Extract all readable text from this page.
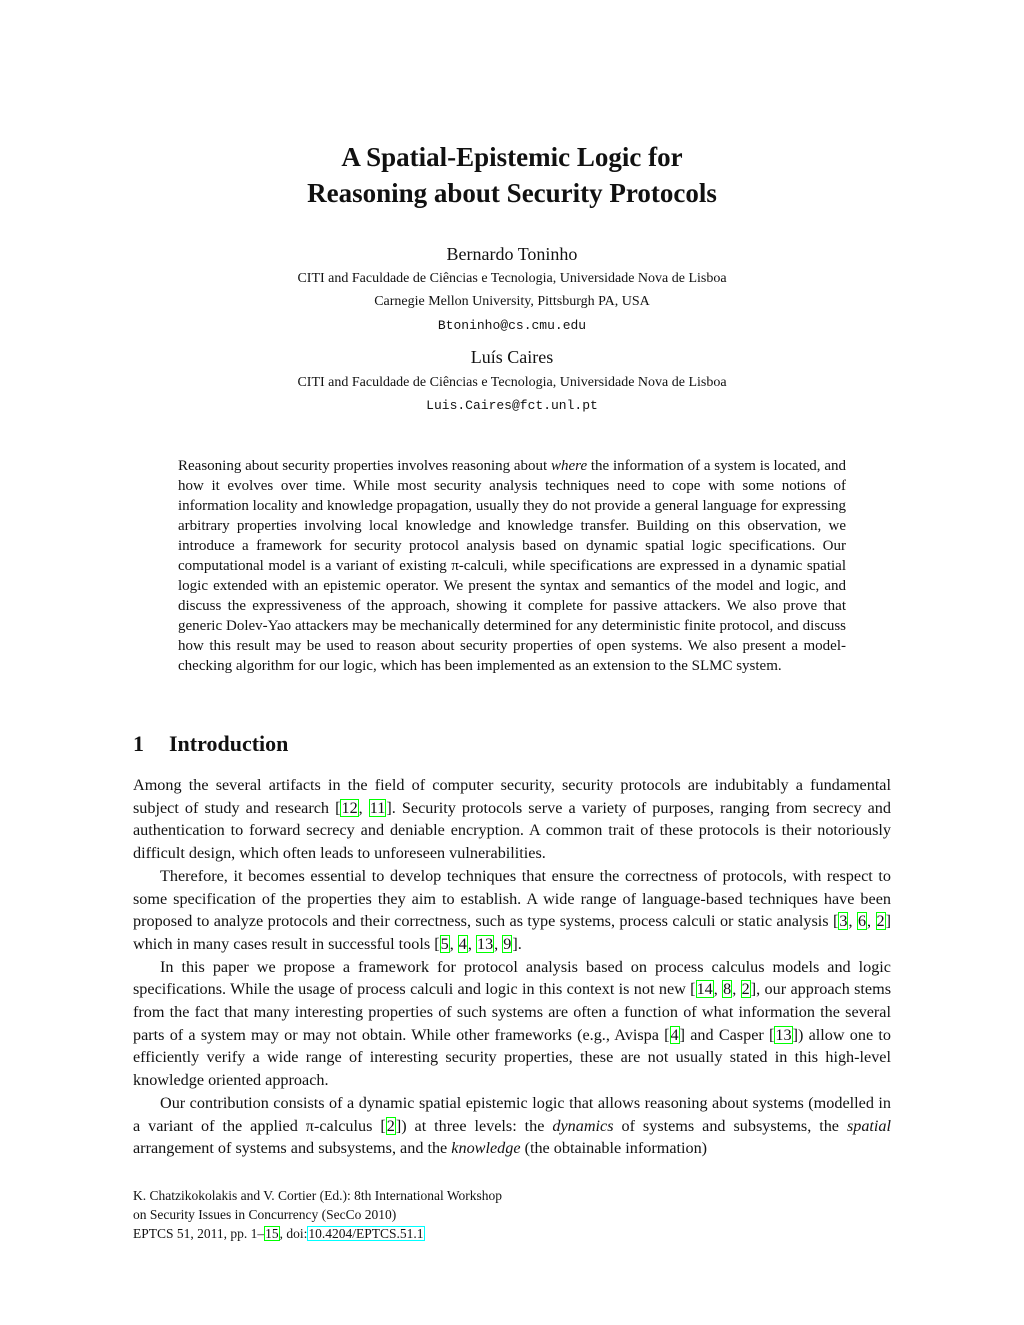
A Spatial-Epistemic Logic for
Reasoning about Security Protocols
Bernardo Toninho
CITI and Faculdade de Ciências e Tecnologia, Universidade Nova de Lisboa
Carnegie Mellon University, Pittsburgh PA, USA
Btoninho@cs.cmu.edu
Luís Caires
CITI and Faculdade de Ciências e Tecnologia, Universidade Nova de Lisboa
Luis.Caires@fct.unl.pt

Reasoning about security properties involves reasoning about where the information of a system is located, and how it evolves over time. While most security analysis techniques need to cope with some notions of information locality and knowledge propagation, usually they do not provide a general language for expressing arbitrary properties involving local knowledge and knowledge transfer. Building on this observation, we introduce a framework for security protocol analysis based on dynamic spatial logic specifications. Our computational model is a variant of existing π-calculi, while specifications are expressed in a dynamic spatial logic extended with an epistemic operator. We present the syntax and semantics of the model and logic, and discuss the expressiveness of the approach, showing it complete for passive attackers. We also prove that generic Dolev-Yao attackers may be mechanically determined for any deterministic finite protocol, and discuss how this result may be used to reason about security properties of open systems. We also present a model-checking algorithm for our logic, which has been implemented as an extension to the SLMC system.

1 Introduction

Among the several artifacts in the field of computer security, security protocols are indubitably a fundamental subject of study and research [12, 11]. Security protocols serve a variety of purposes, ranging from secrecy and authentication to forward secrecy and deniable encryption. A common trait of these protocols is their notoriously difficult design, which often leads to unforeseen vulnerabilities.

Therefore, it becomes essential to develop techniques that ensure the correctness of protocols, with respect to some specification of the properties they aim to establish. A wide range of language-based techniques have been proposed to analyze protocols and their correctness, such as type systems, process calculi or static analysis [3, 6, 2] which in many cases result in successful tools [5, 4, 13, 9].

In this paper we propose a framework for protocol analysis based on process calculus models and logic specifications. While the usage of process calculi and logic in this context is not new [14, 8, 2], our approach stems from the fact that many interesting properties of such systems are often a function of what information the several parts of a system may or may not obtain. While other frameworks (e.g., Avispa [4] and Casper [13]) allow one to efficiently verify a wide range of interesting security properties, these are not usually stated in this high-level knowledge oriented approach.

Our contribution consists of a dynamic spatial epistemic logic that allows reasoning about systems (modelled in a variant of the applied π-calculus [2]) at three levels: the dynamics of systems and subsystems, the spatial arrangement of systems and subsystems, and the knowledge (the obtainable information)

K. Chatzikokolakis and V. Cortier (Ed.): 8th International Workshop
on Security Issues in Concurrency (SecCo 2010)
EPTCS 51, 2011, pp. 1–15, doi:10.4204/EPTCS.51.1
